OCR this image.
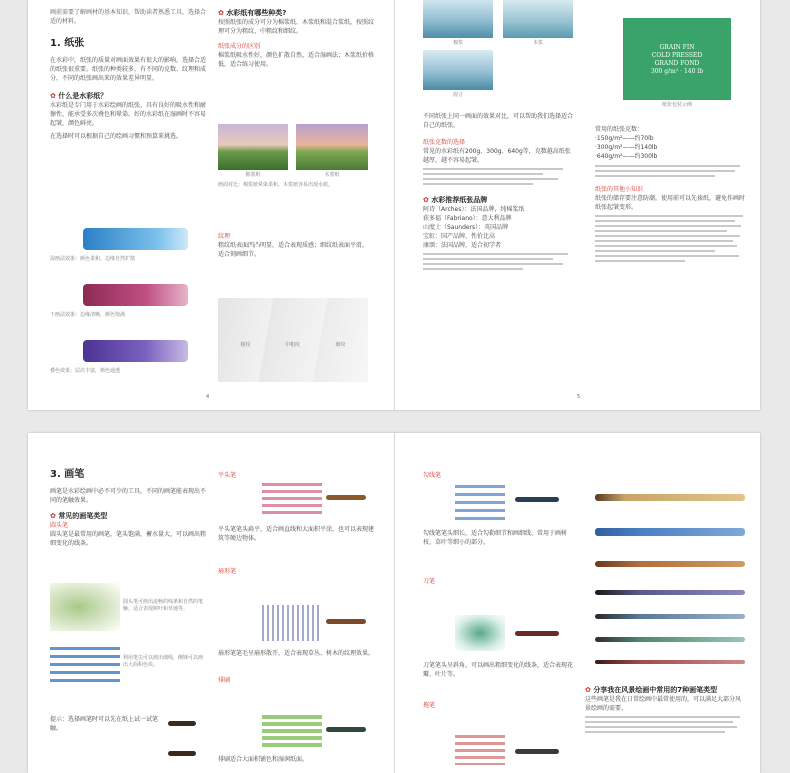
画前需要了解画材的基本知识，帮助读者熟悉工具，选择合适的材料。
1. 纸张
在水彩中，纸张的质量对画面效果有很大的影响，选择合适的纸张很重要。纸张的种类较多，有不同的克数、纹理和成分，不同的纸张画出来的效果差异明显。
✿ 什么是水彩纸？
水彩纸是专门用于水彩绘画的纸张，具有良好的吸水性和耐擦性，能承受多次叠色和晕染。好的水彩纸在湿画时不容易起皱，颜色鲜亮。
在选择时可以根据自己的绘画习惯和预算来挑选。
湿画法效果：颜色柔和，边缘自然扩散
干画法效果：边缘清晰，颜色饱满
叠色效果：层次丰富，颜色通透
✿ 水彩纸有哪些种类?
按照纸张的成分可分为棉浆纸、木浆纸和混合浆纸，按照纹理可分为粗纹、中粗纹和细纹。
纸张成分的区别
棉浆纸吸水性好，颜色扩散自然，适合湿画法；木浆纸价格低，适合练习使用。
棉浆纸	木浆纸
画面对比：棉浆纸晕染柔和，木浆纸容易出现水痕。
纹理
粗纹纸表面凹凸明显，适合表现质感；细纹纸表面平滑，适合刻画细节。
粗纹	中粗纹	细纹
4
棉浆	木浆
混合
不同纸张上同一画面的效果对比，可以帮助我们选择适合自己的纸张。
纸张克数的选择
常见的水彩纸有200g、300g、640g等，克数越高纸张越厚，越不容易起皱。
✿ 水彩推荐纸张品牌
阿诗（Arches）：法国品牌，纯棉浆纸
获多福（Fabriano）：意大利品牌
山度士（Saunders）：英国品牌
宝虹：国产品牌，性价比高
康颂：法国品牌，适合初学者
GRAIN FIN
COLD PRESSED
GRAND FOND
300 g/m² · 140 lb
纸张包装示例
常用的纸张克数：
·150g/m²——约70lb
·300g/m²——约140lb
·640g/m²——约300lb
纸张的其他小知识
纸张的储存要注意防潮，使用前可以先裱纸，避免作画时纸张起皱变形。
5
3. 画笔
画笔是水彩绘画中必不可少的工具，不同的画笔能表现出不同的笔触效果。
✿ 常见的画笔类型
圆头笔
圆头笔是最常用的画笔，笔头饱满，蓄水量大，可以画出粗细变化的线条。
圆头笔可画出流畅的线条和自然的笔触，适合表现树叶和草地等。
利用笔尖可以画出细线，侧锋可以画出大面积色块。
提示：选择画笔时可以先在纸上试一试笔触。
平头笔
平头笔笔头扁平，适合画直线和大面积平涂，也可以表现建筑等硬边物体。
扇形笔
扇形笔笔毛呈扇形散开，适合表现草丛、树木的纹理效果。
排刷
排刷适合大面积铺色和湿润纸面。
勾线笔
勾线笔笔头细长，适合勾勒细节和画细线，常用于画树枝、草叶等细小的部分。
刀笔
刀笔笔头呈斜角，可以画出粗细变化的线条，适合表现花瓣、叶片等。
拖笔
✿ 分享我在风景绘画中常用的7种画笔类型
这些画笔是我在日常绘画中最常使用的，可以满足大部分风景绘画的需要。
